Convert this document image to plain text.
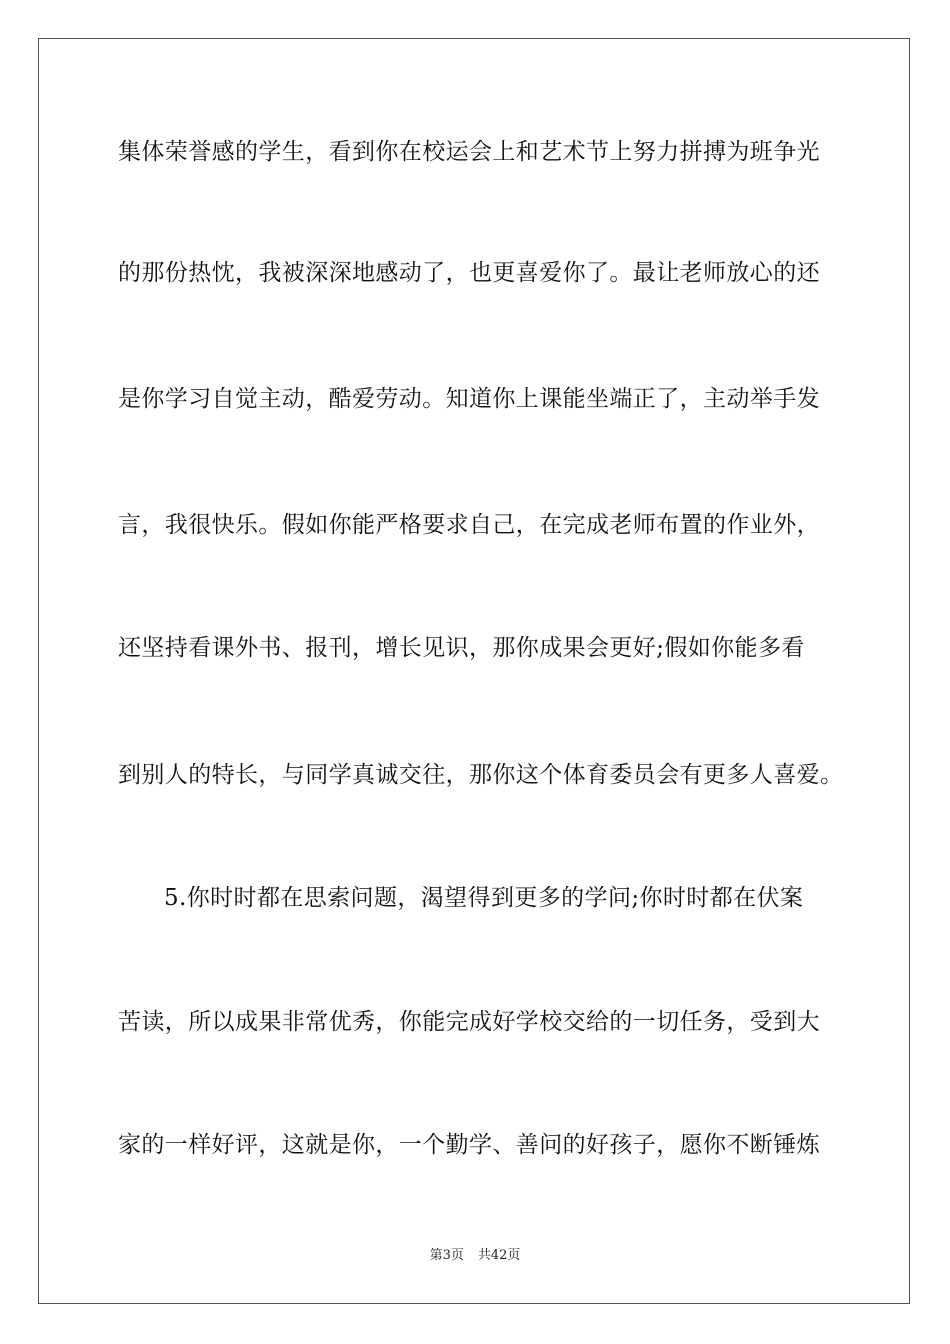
集体荣誉感的学生，看到你在校运会上和艺术节上努力拼搏为班争光
的那份热忱，我被深深地感动了，也更喜爱你了。最让老师放心的还
是你学习自觉主动，酷爱劳动。知道你上课能坐端正了，主动举手发
言，我很快乐。假如你能严格要求自己，在完成老师布置的作业外，
还坚持看课外书、报刊，增长见识，那你成果会更好;假如你能多看
到别人的特长，与同学真诚交往，那你这个体育委员会有更多人喜爱。
5.你时时都在思索问题，渴望得到更多的学问;你时时都在伏案
苦读，所以成果非常优秀，你能完成好学校交给的一切任务，受到大
家的一样好评，这就是你，一个勤学、善问的好孩子，愿你不断锤炼
第3页 共42页
